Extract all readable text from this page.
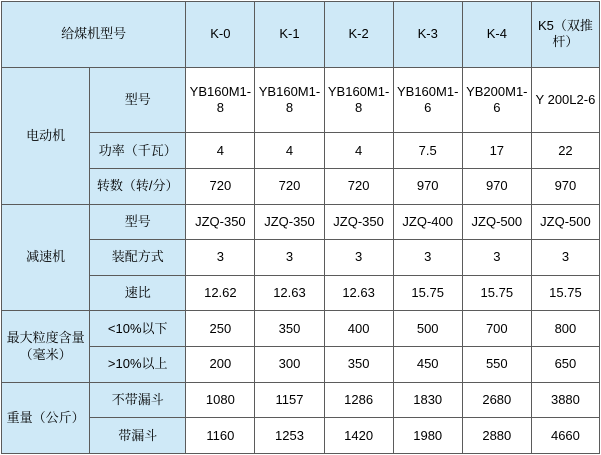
给煤机型号		K-0	K-1	K-2	K-3	K-4	K5（双推杆）
电动机	型号	YB160M1-8	YB160M1-8	YB160M1-8	YB160M1-6	YB200M1-6	Y 200L2-6
	功率（千瓦）	4	4	4	7.5	17	22
	转数（转/分）	720	720	720	970	970	970
减速机	型号	JZQ-350	JZQ-350	JZQ-350	JZQ-400	JZQ-500	JZQ-500
	装配方式	3	3	3	3	3	3
	速比	12.62	12.63	12.63	15.75	15.75	15.75
最大粒度含量（毫米）	<10%以下	250	350	400	500	700	800
	>10%以上	200	300	350	450	550	650
重量（公斤）	不带漏斗	1080	1157	1286	1830	2680	3880
	带漏斗	1160	1253	1420	1980	2880	4660
